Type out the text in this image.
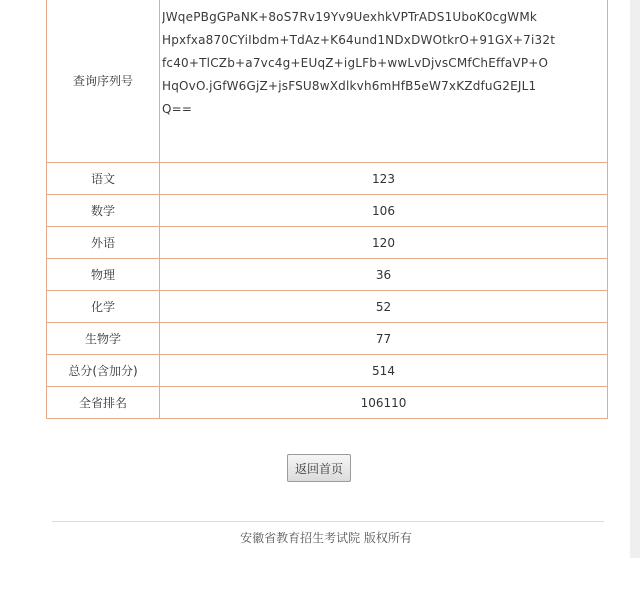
查询序列号	JWqePBgGPaNK+8oS7Rv19Yv9UexhkVPTrADS1UboK0cgWMk
Hpxfxa870CYiIbdm+TdAz+K64und1NDxDWOtkrO+91GX+7i32t
fc40+TlCZb+a7vc4g+EUqZ+igLFb+wwLvDjvsCMfChEffaVP+O
HqOvO.jGfW6GjZ+jsFSU8wXdlkvh6mHfB5eW7xKZdfuG2EJL1
Q==

语文	123
数学	106
外语	120
物理	36
化学	52
生物学	77
总分(含加分)	514
全省排名	106110
返回首页
安徽省教育招生考试院 版权所有
